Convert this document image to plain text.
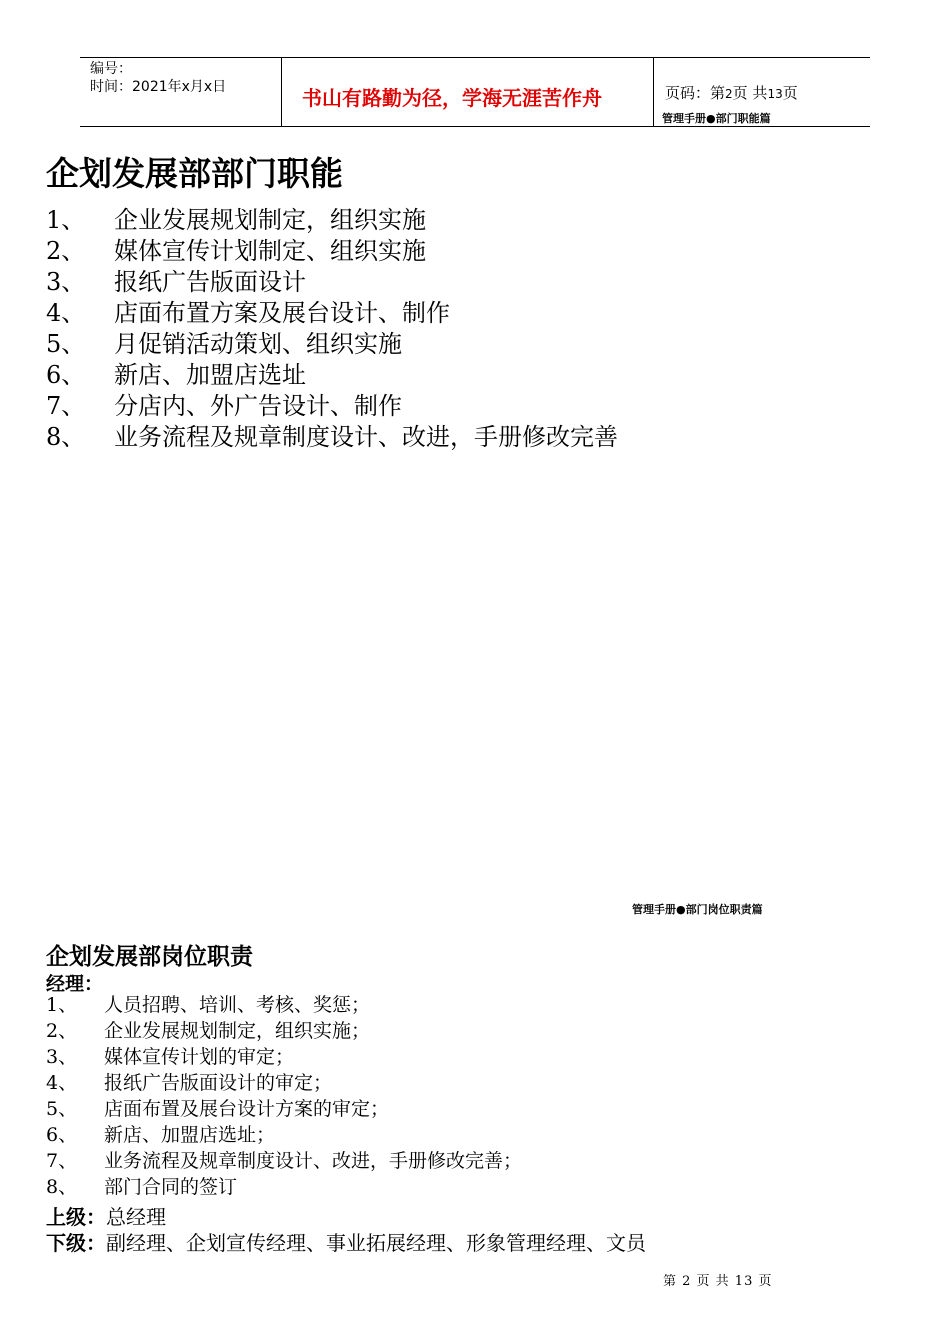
编号：
时间：2021年x月x日	书山有路勤为径，学海无涯苦作舟	页码：第2页 共13页
管理手册●部门职能篇
企划发展部部门职能
1、 企业发展规划制定，组织实施
2、 媒体宣传计划制定、组织实施
3、 报纸广告版面设计
4、 店面布置方案及展台设计、制作
5、 月促销活动策划、组织实施
6、 新店、加盟店选址
7、 分店内、外广告设计、制作
8、 业务流程及规章制度设计、改进，手册修改完善
管理手册●部门岗位职责篇
企划发展部岗位职责
经理：
1、 人员招聘、培训、考核、奖惩；
2、 企业发展规划制定，组织实施；
3、 媒体宣传计划的审定；
4、 报纸广告版面设计的审定；
5、 店面布置及展台设计方案的审定；
6、 新店、加盟店选址；
7、 业务流程及规章制度设计、改进，手册修改完善；
8、 部门合同的签订
上级：总经理
下级：副经理、企划宣传经理、事业拓展经理、形象管理经理、文员
第 2 页 共 13 页
